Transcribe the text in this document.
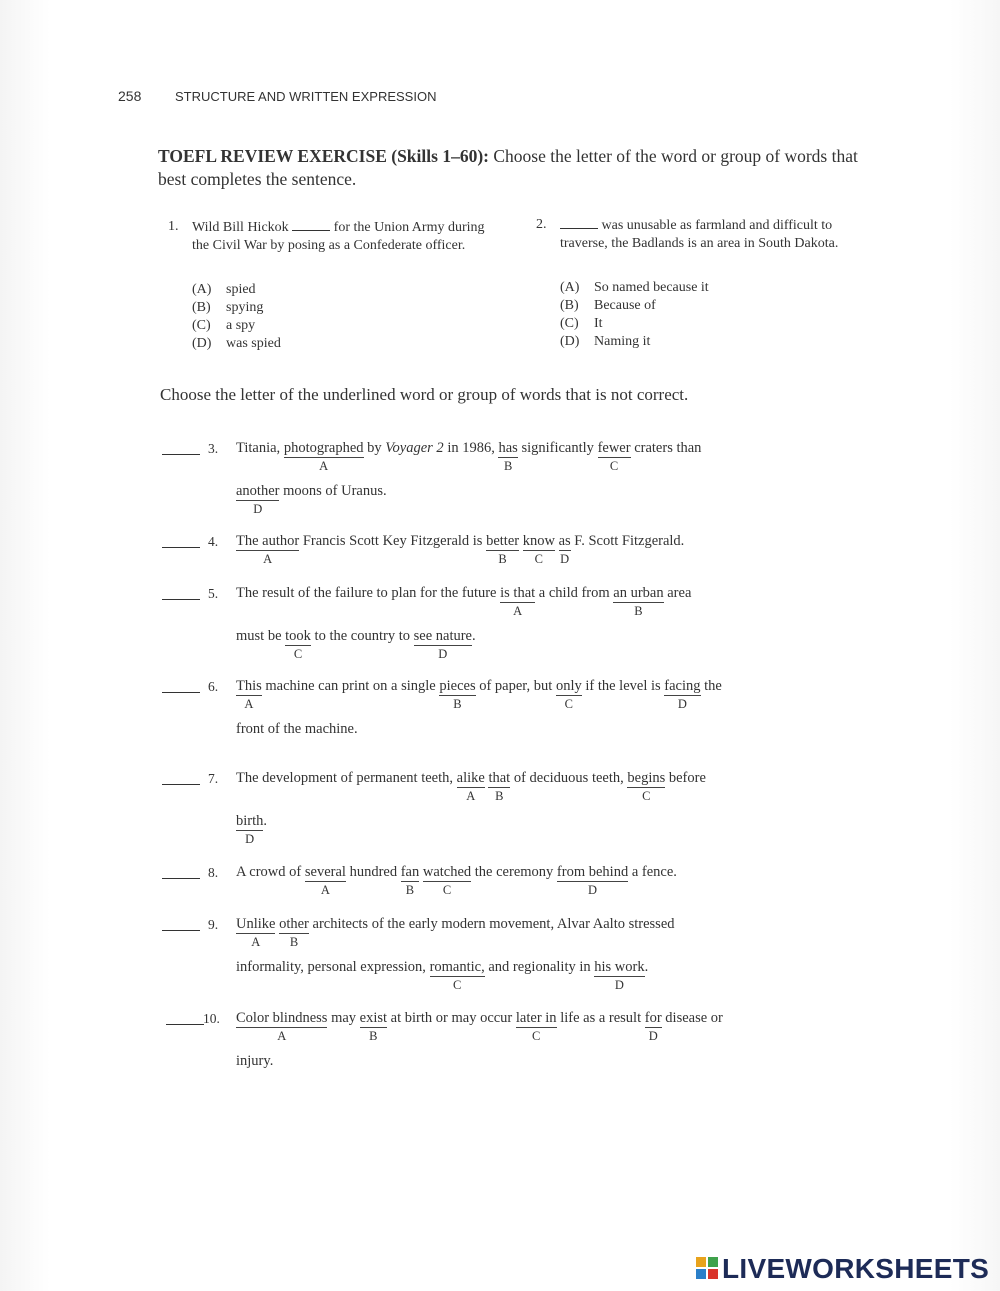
258	STRUCTURE AND WRITTEN EXPRESSION
TOEFL REVIEW EXERCISE (Skills 1–60): Choose the letter of the word or group of words that best completes the sentence.
1. Wild Bill Hickok	for the Union Army during the Civil War by posing as a Confederate officer.
(A) spied
(B) spying
(C) a spy
(D) was spied
2.	was unusable as farmland and difficult to traverse, the Badlands is an area in South Dakota.
(A) So named because it
(B) Because of
(C) It
(D) Naming it
Choose the letter of the underlined word or group of words that is not correct.
3. Titania, photographed
A
by Voyager 2 in 1986, has
B
significantly fewer
C
craters than
another
D
moons of Uranus.
4. The author
A
Francis Scott Key Fitzgerald is better
B
know
C
as
D
F. Scott Fitzgerald.
5. The result of the failure to plan for the future is that
A
a child from an urban
B
area
must be took
C
to the country to see nature
D
.
6. This
A
machine can print on a single pieces
B
of paper, but only
C
if the level is facing
D
the
front of the machine.
7. The development of permanent teeth, alike
A
that
B
of deciduous teeth, begins
C
before
birth
D
.
8. A crowd of several
A
hundred fan
B
watched
C
the ceremony from behind
D
a fence.
9. Unlike
A
other
B
architects of the early modern movement, Alvar Aalto stressed
informality, personal expression, romantic,
C
and regionality in his work
D
.
10. Color blindness
A
may exist
B
at birth or may occur later in
C
life as a result for
D
disease or
injury.
LIVEWORKSHEETS
